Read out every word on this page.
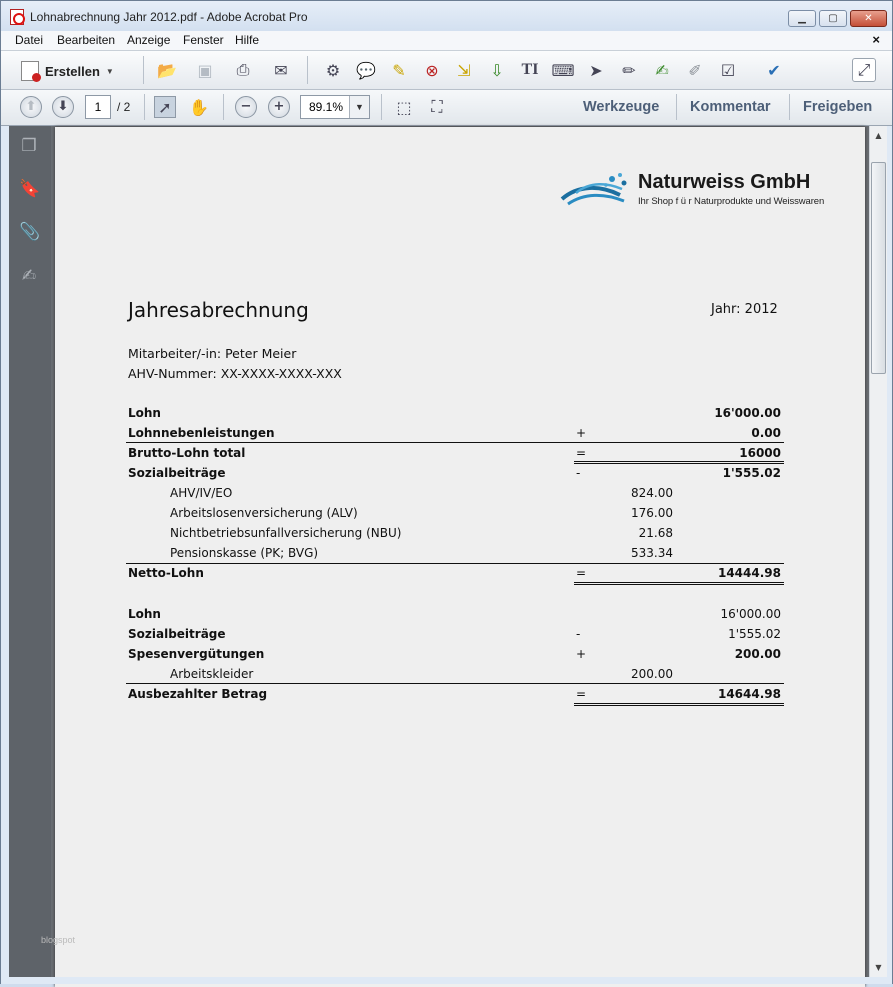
Lohnabrechnung Jahr 2012.pdf - Adobe Acrobat Pro	▁	▢	✕
Datei Bearbeiten Anzeige Fenster Hilfe	×
Erstellen ▼	📂 ▣ ⎙ ✉ ⚙ 💬 ✎ ⊗ ⇲ ⇩ TI ⌨ ➤ ✏ ✍ ✐ ☑ ✔	⤢
⬆	⬇	1	/ 2 ➚ ✋	−	+	89.1%	▼	⬚	⛶	Werkzeuge Kommentar Freigeben
❐
🔖
📎
✍
Naturweiss GmbH
Ihr Shop f ü r Naturprodukte und Weisswaren
Jahresabrechnung	Jahr: 2012
Mitarbeiter/-in: Peter Meier
AHV-Nummer: XX-XXXX-XXXX-XXX
Lohn	16'000.00
Lohnnebenleistungen	+	0.00
Brutto-Lohn total	=	16000
Sozialbeiträge	-	1'555.02
AHV/IV/EO	824.00
Arbeitslosenversicherung (ALV)	176.00
Nichtbetriebsunfallversicherung (NBU)	21.68
Pensionskasse (PK; BVG)	533.34
Netto-Lohn	=	14444.98
Lohn	16'000.00
Sozialbeiträge	-	1'555.02
Spesenvergütungen	+	200.00
Arbeitskleider	200.00
Ausbezahlter Betrag	=	14644.98
blogspot
▲
▼
